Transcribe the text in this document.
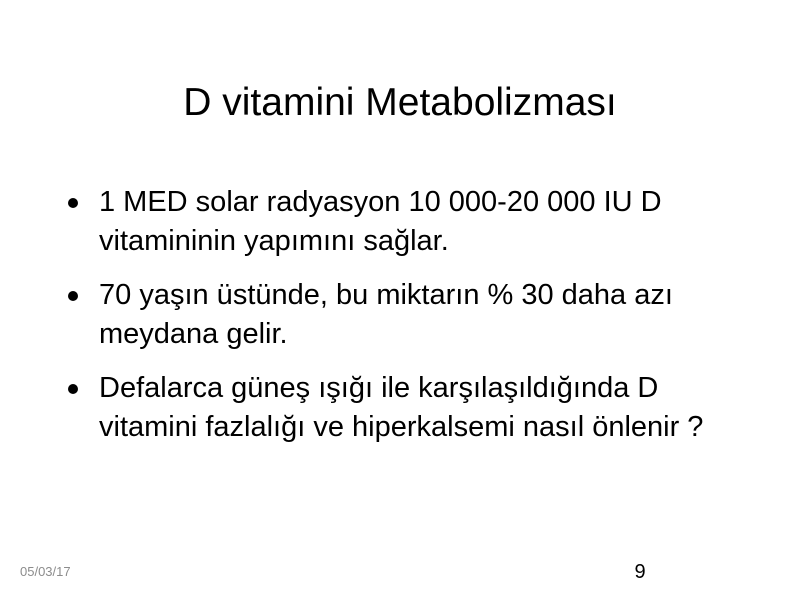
D vitamini Metabolizması
1 MED solar radyasyon 10 000-20 000 IU D vitamininin yapımını sağlar.
70 yaşın üstünde, bu miktarın % 30 daha azı meydana gelir.
Defalarca güneş ışığı ile karşılaşıldığında D vitamini fazlalığı ve hiperkalsemi nasıl önlenir ?
05/03/17	9
